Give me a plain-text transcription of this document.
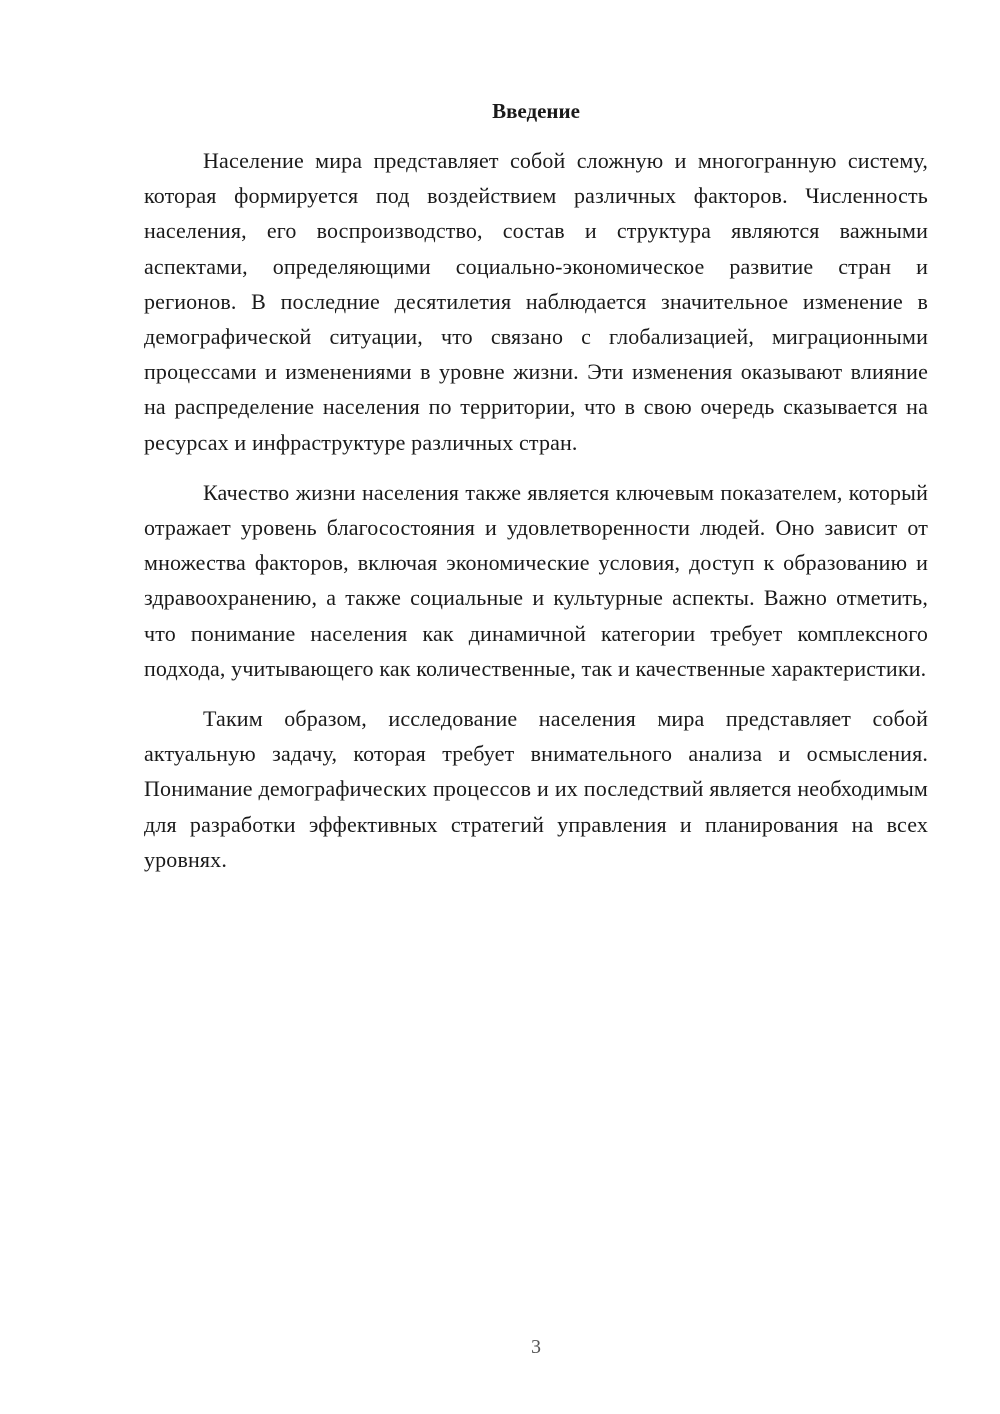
Введение

Население мира представляет собой сложную и многогранную систему, которая формируется под воздействием различных факторов. Численность населения, его воспроизводство, состав и структура являются важными аспектами, определяющими социально-экономическое развитие стран и регионов. В последние десятилетия наблюдается значительное изменение в демографической ситуации, что связано с глобализацией, миграционными процессами и изменениями в уровне жизни. Эти изменения оказывают влияние на распределение населения по территории, что в свою очередь сказывается на ресурсах и инфраструктуре различных стран.

Качество жизни населения также является ключевым показателем, который отражает уровень благосостояния и удовлетворенности людей. Оно зависит от множества факторов, включая экономические условия, доступ к образованию и здравоохранению, а также социальные и культурные аспекты. Важно отметить, что понимание населения как динамичной категории требует комплексного подхода, учитывающего как количественные, так и качественные характеристики.

Таким образом, исследование населения мира представляет собой актуальную задачу, которая требует внимательного анализа и осмысления. Понимание демографических процессов и их последствий является необходимым для разработки эффективных стратегий управления и планирования на всех уровнях.

3
